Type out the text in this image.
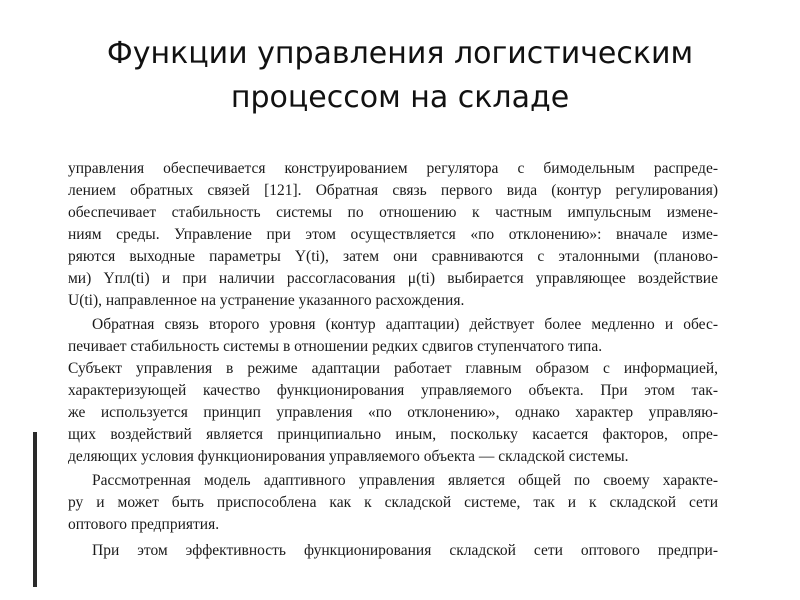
Функции управления логистическим
процессом на складе
управления обеспечивается конструированием регулятора с бимодельным распреде-
лением обратных связей [121]. Обратная связь первого вида (контур регулирования)
обеспечивает стабильность системы по отношению к частным импульсным измене-
ниям среды. Управление при этом осуществляется «по отклонению»: вначале изме-
ряются выходные параметры Y(ti), затем они сравниваются с эталонными (планово-
ми) Yпл(ti) и при наличии рассогласования μ(ti) выбирается управляющее воздействие
U(ti), направленное на устранение указанного расхождения.
Обратная связь второго уровня (контур адаптации) действует более медленно и обес-
печивает стабильность системы в отношении редких сдвигов ступенчатого типа.
Субъект управления в режиме адаптации работает главным образом с информацией,
характеризующей качество функционирования управляемого объекта. При этом так-
же используется принцип управления «по отклонению», однако характер управляю-
щих воздействий является принципиально иным, поскольку касается факторов, опре-
деляющих условия функционирования управляемого объекта — складской системы.
Рассмотренная модель адаптивного управления является общей по своему характе-
ру и может быть приспособлена как к складской системе, так и к складской сети
оптового предприятия.
При этом эффективность функционирования складской сети оптового предпри-
